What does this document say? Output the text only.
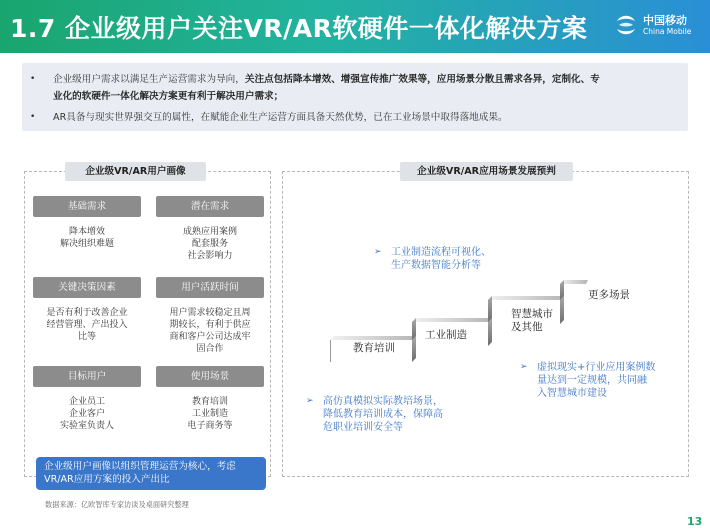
1.7 企业级用户关注VR/AR软硬件一体化解决方案	中国移动
China Mobile
• 企业级用户需求以满足生产运营需求为导向，关注点包括降本增效、增强宣传推广效果等，应用场景分散且需求各异，定制化、专
业化的软硬件一体化解决方案更有利于解决用户需求；
• AR具备与现实世界强交互的属性，在赋能企业生产运营方面具备天然优势，已在工业场景中取得落地成果。
企业级VR/AR用户画像
基础需求
降本增效
解决组织难题
潜在需求
成熟应用案例
配套服务
社会影响力
关键决策因素
是否有利于改善企业
经营管理、产出投入
比等
用户活跃时间
用户需求较稳定且周
期较长，有利于供应
商和客户公司达成牢
固合作
目标用户
企业员工
企业客户
实验室负责人
使用场景
教育培训
工业制造
电子商务等
企业级用户画像以组织管理运营为核心，考虑
VR/AR应用方案的投入产出比
企业级VR/AR应用场景发展预判
教育培训
工业制造
智慧城市
及其他
更多场景
➢ 工业制造流程可视化、
生产数据智能分析等
➢ 高仿真模拟实际教培场景，
降低教育培训成本，保障高
危职业培训安全等
➢ 虚拟现实+行业应用案例数
量达到一定规模，共同融
入智慧城市建设
数据来源：亿欧智库专家访谈及桌面研究整理
13
